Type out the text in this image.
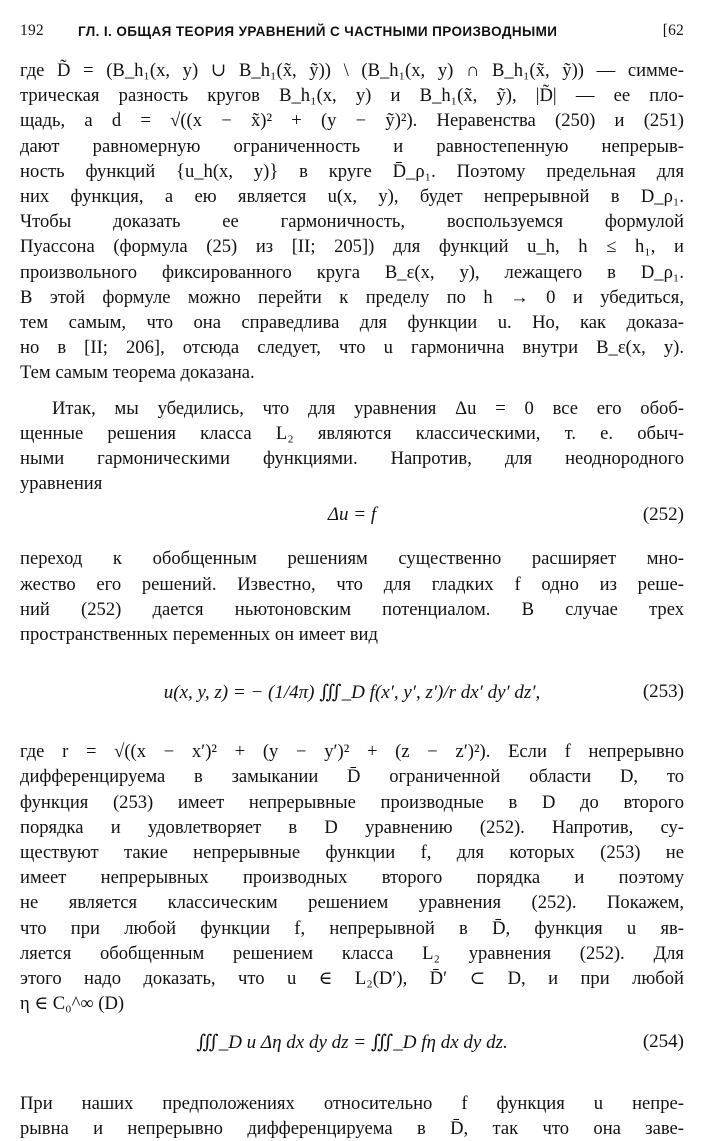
192	ГЛ. I. ОБЩАЯ ТЕОРИЯ УРАВНЕНИЙ С ЧАСТНЫМИ ПРОИЗВОДНЫМИ	[62

где D̃ = (B_h₁(x, y) ∪ B_h₁(x̃, ỹ)) \ (B_h₁(x, y) ∩ B_h₁(x̃, ỹ)) — симме-
трическая разность кругов B_h₁(x, y) и B_h₁(x̃, ỹ), |D̃| — ее пло-
щадь, а d = √((x − x̃)² + (y − ỹ)²). Неравенства (250) и (251)
дают равномерную ограниченность и равностепенную непрерыв-
ность функций {u_h(x, y)} в круге D̄_ρ₁. Поэтому предельная для
них функция, а ею является u(x, y), будет непрерывной в D_ρ₁.
Чтобы доказать ее гармоничность, воспользуемся формулой
Пуассона (формула (25) из [II; 205]) для функций u_h, h ≤ h₁, и
произвольного фиксированного круга B_ε(x, y), лежащего в D_ρ₁.
В этой формуле можно перейти к пределу по h → 0 и убедиться,
тем самым, что она справедлива для функции u. Но, как доказа-
но в [II; 206], отсюда следует, что u гармонична внутри B_ε(x, y).
Тем самым теорема доказана.

Итак, мы убедились, что для уравнения Δu = 0 все его обоб-
щенные решения класса L₂ являются классическими, т. е. обыч-
ными гармоническими функциями. Напротив, для неоднородного
уравнения

Δu = f	(252)

переход к обобщенным решениям существенно расширяет мно-
жество его решений. Известно, что для гладких f одно из реше-
ний (252) дается ньютоновским потенциалом. В случае трех
пространственных переменных он имеет вид

u(x, y, z) = − (1/4π) ∭_D f(x′, y′, z′)/r dx′ dy′ dz′,	(253)

где r = √((x − x′)² + (y − y′)² + (z − z′)²). Если f непрерывно
дифференцируема в замыкании D̄ ограниченной области D, то
функция (253) имеет непрерывные производные в D до второго
порядка и удовлетворяет в D уравнению (252). Напротив, су-
ществуют такие непрерывные функции f, для которых (253) не
имеет непрерывных производных второго порядка и поэтому
не является классическим решением уравнения (252). Покажем,
что при любой функции f, непрерывной в D̄, функция u яв-
ляется обобщенным решением класса L₂ уравнения (252). Для
этого надо доказать, что u ∈ L₂(D′), D̄′ ⊂ D, и при любой
η ∈ C₀^∞ (D)

∭_D u Δη dx dy dz = ∭_D fη dx dy dz.	(254)

При наших предположениях относительно f функция u непре-
рывна и непрерывно дифференцируема в D̄, так что она заве-
